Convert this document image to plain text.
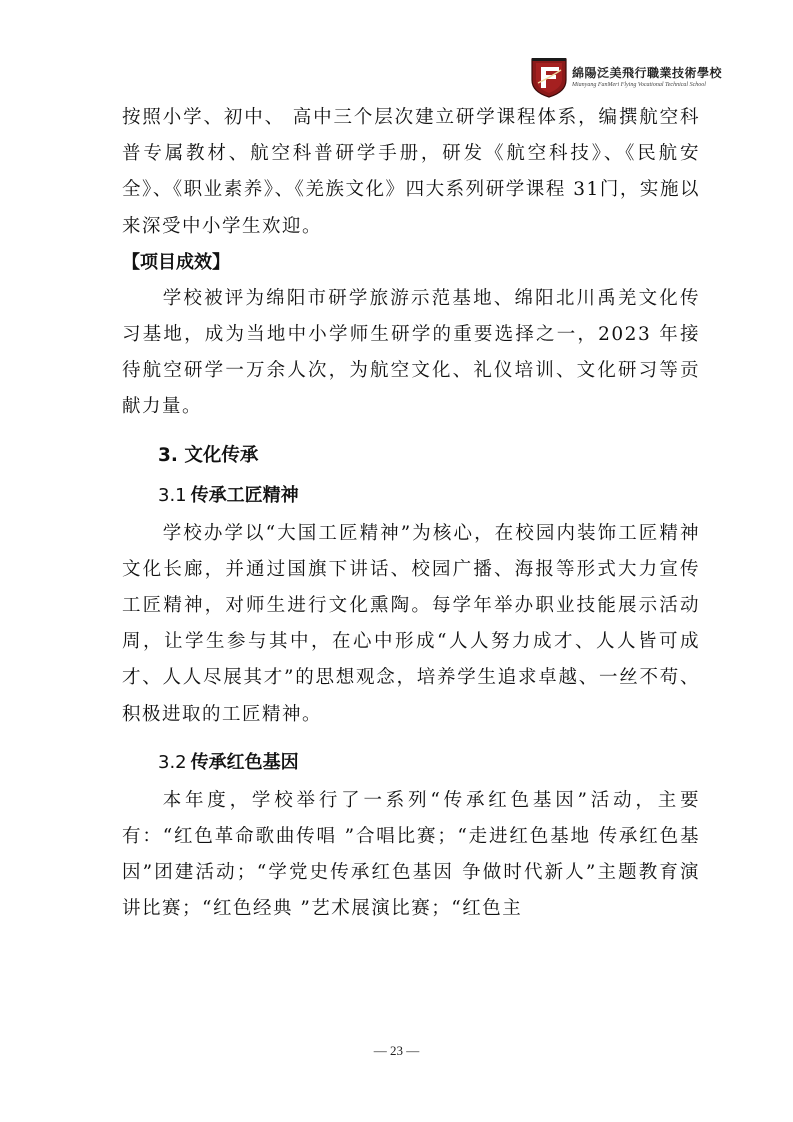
綿陽泛美飛行職業技術學校
Mianyang FanMeri Flying Vocational Technical School

按照小学、初中、 高中三个层次建立研学课程体系，编撰航空科普专属教材、航空科普研学手册，研发《航空科技》、《民航安全》、《职业素养》、《羌族文化》四大系列研学课程 31门，实施以来深受中小学生欢迎。

【项目成效】

学校被评为绵阳市研学旅游示范基地、绵阳北川禹羌文化传习基地，成为当地中小学师生研学的重要选择之一，2023 年接待航空研学一万余人次，为航空文化、礼仪培训、文化研习等贡献力量。

3. 文化传承

3.1 传承工匠精神

学校办学以“大国工匠精神”为核心，在校园内装饰工匠精神文化长廊，并通过国旗下讲话、校园广播、海报等形式大力宣传工匠精神，对师生进行文化熏陶。每学年举办职业技能展示活动周，让学生参与其中，在心中形成“人人努力成才、人人皆可成才、人人尽展其才”的思想观念，培养学生追求卓越、一丝不苟、积极进取的工匠精神。

3.2 传承红色基因

本年度，学校举行了一系列“传承红色基因”活动，主要有：“红色革命歌曲传唱 ”合唱比赛；“走进红色基地 传承红色基因”团建活动；“学党史传承红色基因 争做时代新人”主题教育演讲比赛；“红色经典 ”艺术展演比赛；“红色主

— 23 —
